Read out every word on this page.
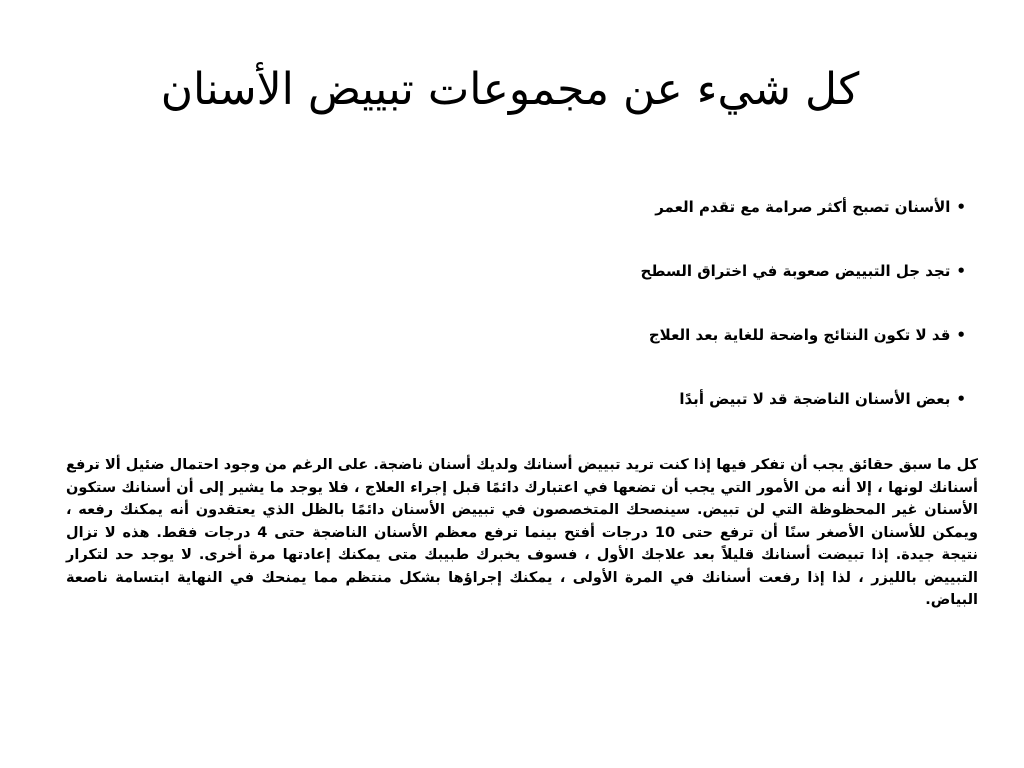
كل شيء عن مجموعات تبييض الأسنان
•الأسنان تصبح أكثر صرامة مع تقدم العمر
•تجد جل التبييض صعوبة في اختراق السطح
•قد لا تكون النتائج واضحة للغاية بعد العلاج
•بعض الأسنان الناضجة قد لا تبيض أبدًا

كل ما سبق حقائق يجب أن تفكر فيها إذا كنت تريد تبييض أسنانك ولديك أسنان ناضجة. على الرغم من وجود احتمال ضئيل ألا ترفع أسنانك لونها ، إلا أنه من الأمور التي يجب أن تضعها في اعتبارك دائمًا قبل إجراء العلاج ، فلا يوجد ما يشير إلى أن أسنانك ستكون الأسنان غير المحظوظة التي لن تبيض. سينصحك المتخصصون في تبييض الأسنان دائمًا بالظل الذي يعتقدون أنه يمكنك رفعه ، ويمكن للأسنان الأصغر سنًا أن ترفع حتى 10 درجات أفتح بينما ترفع معظم الأسنان الناضجة حتى 4 درجات فقط. هذه لا تزال نتيجة جيدة. إذا تبيضت أسنانك قليلاً بعد علاجك الأول ، فسوف يخبرك طبيبك متى يمكنك إعادتها مرة أخرى. لا يوجد حد لتكرار التبييض بالليزر ، لذا إذا رفعت أسنانك في المرة الأولى ، يمكنك إجراؤها بشكل منتظم مما يمنحك في النهاية ابتسامة ناصعة البياض.
